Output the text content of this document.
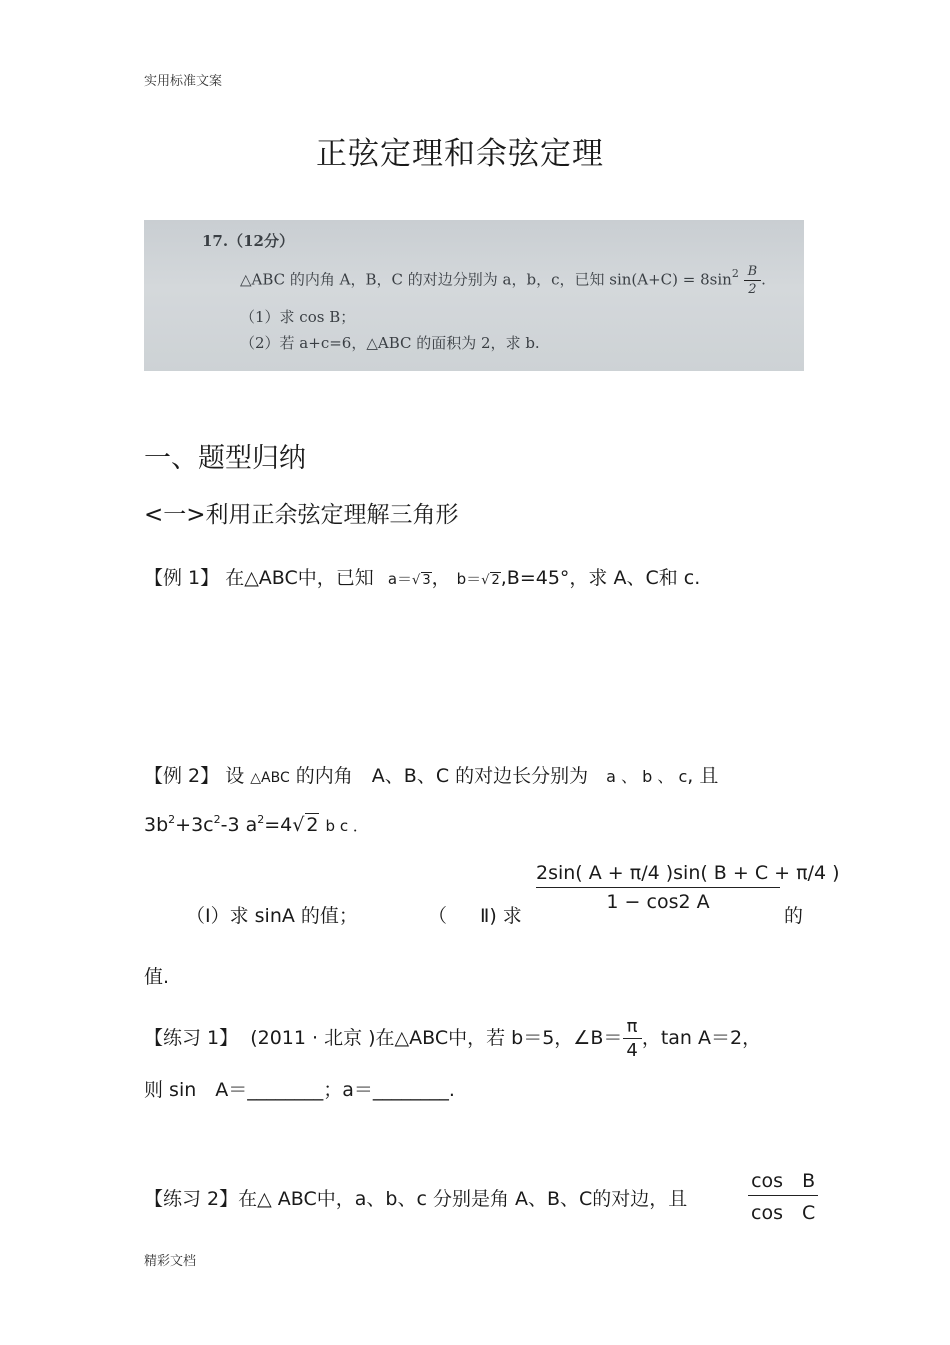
实用标准文案
精彩文档
正弦定理和余弦定理
17.（12分）
△ABC 的内角 A，B，C 的对边分别为 a，b，c，已知 $\sin(A+C) = 8\sin^2 \frac{B}{2}$ .
（1）求 cos B；
（2）若 a+c=6，△ABC 的面积为 2，求 b.
一、题型归纳
<一>利用正余弦定理解三角形
【例 1】 在△ABC中，已知 a＝√ 3， b＝√ 2,B=45°，求 A、C和 c.
【例 2】 设 △ABC 的内角　A、B、C 的对边长分别为 a 、 b 、 c, 且
$3b^2+3c^2-3$ $a^2=4√$ 2 b c ．
（Ⅰ）求 sinA 的值；	（ Ⅱ) 求
$\frac{2\sin( A + \pi/4 )\sin( B + C + \pi/4 )}{1 - \cos 2 A}$
的
值.
【练习 1】 (2011 · 北京 )在△ABC中，若 b＝5，∠B＝ $\frac{\pi}{4}$ ，tan A＝2，
则 sin　A＝________；a＝________.
【练习 2】在△ ABC中，a、b、c 分别是角 A、B、C的对边，且	$\frac{\text{cos　B}}{\text{cos　C}}$
